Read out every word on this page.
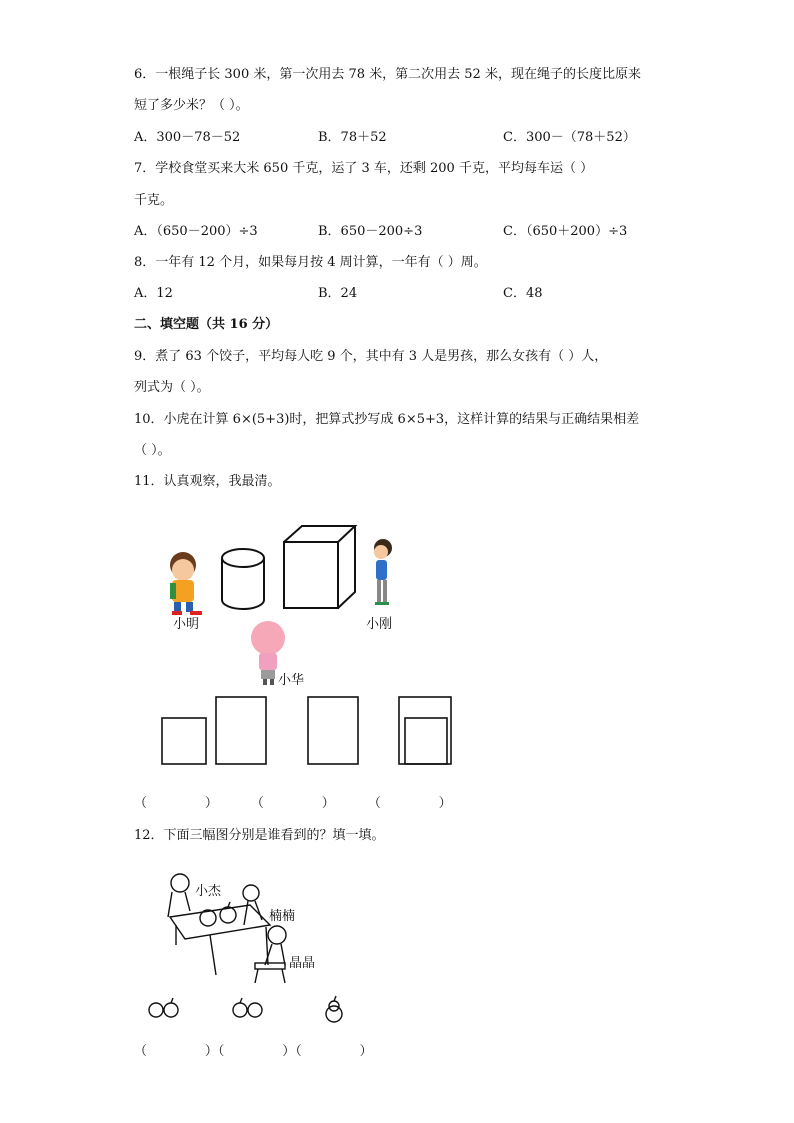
6．一根绳子长 300 米，第一次用去 78 米，第二次用去 52 米，现在绳子的长度比原来
短了多少米？（ ）。
A．300－78－52	B．78＋52	C．300－（78＋52）
7．学校食堂买来大米 650 千克，运了 3 车，还剩 200 千克，平均每车运（ ）
千克。
A．（650－200）÷3	B．650－200÷3	C．（650＋200）÷3
8．一年有 12 个月，如果每月按 4 周计算，一年有（ ）周。
A．12	B．24	C．48
二、填空题（共 16 分）
9．煮了 63 个饺子，平均每人吃 9 个，其中有 3 人是男孩，那么女孩有（ ）人，
列式为（ ）。
10．小虎在计算 6×(5+3)时，把算式抄写成 6×5+3，这样计算的结果与正确结果相差
（ ）。
11．认真观察，我最清。
小明	小刚
小华
（              ）        （              ）        （              ）
12．下面三幅图分别是谁看到的？填一填。
小杰
楠楠
晶晶
（              ）（              ）（              ）
